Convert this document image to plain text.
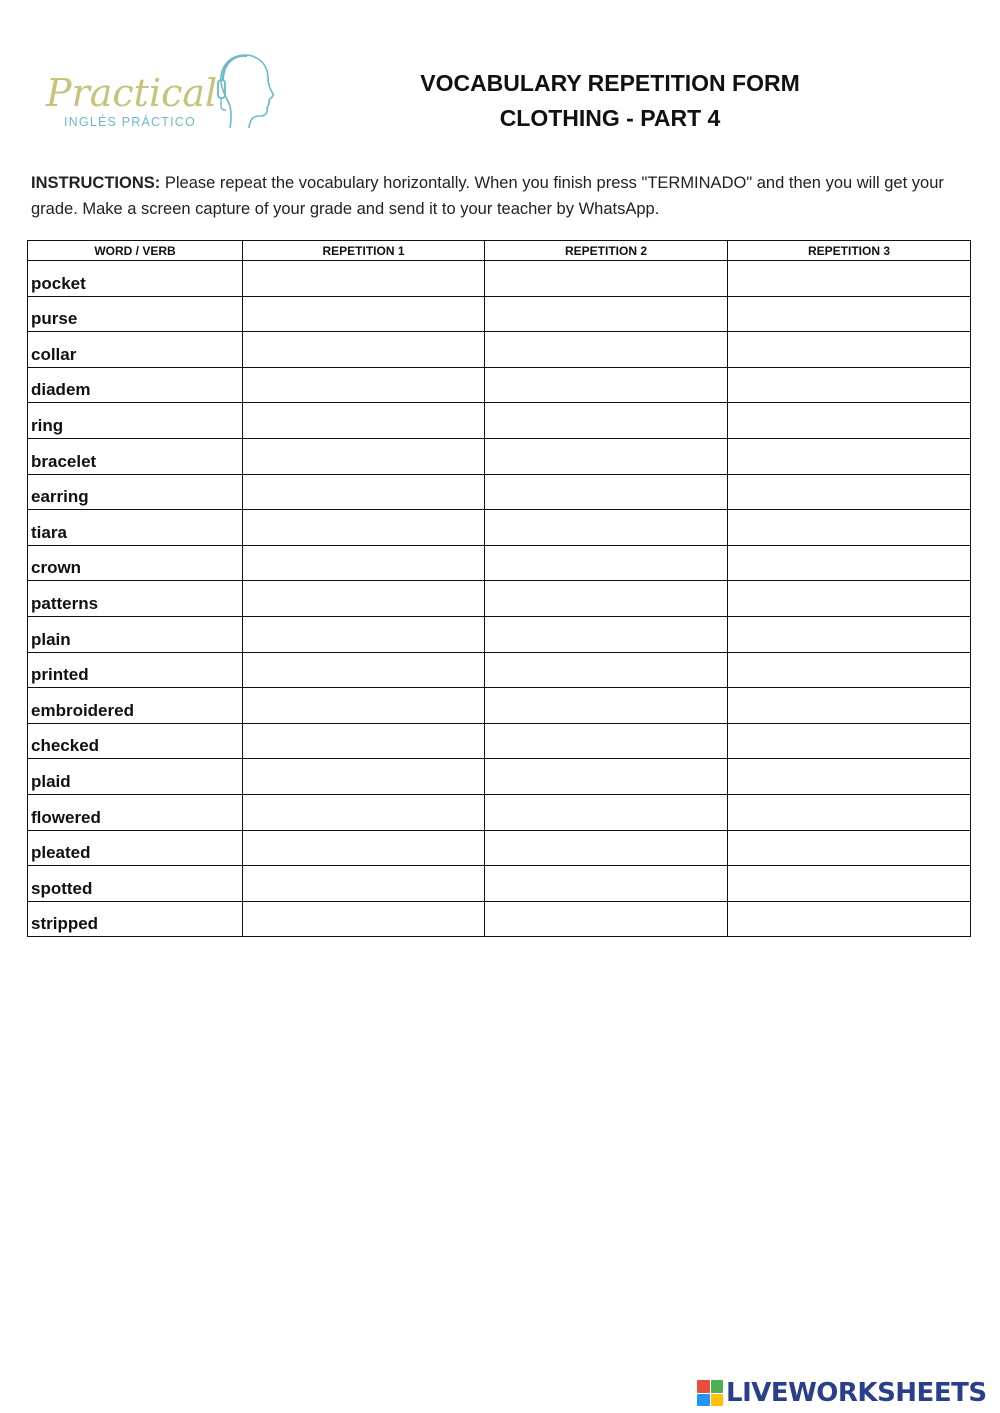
Practical
INGLÉS PRÁCTICO
VOCABULARY REPETITION FORM
CLOTHING - PART 4
INSTRUCTIONS: Please repeat the vocabulary horizontally. When you finish press "TERMINADO" and then you will get your grade. Make a screen capture of your grade and send it to your teacher by WhatsApp.
WORD / VERB	REPETITION 1	REPETITION 2	REPETITION 3
pocket			
purse			
collar			
diadem			
ring			
bracelet			
earring			
tiara			
crown			
patterns			
plain			
printed			
embroidered			
checked			
plaid			
flowered			
pleated			
spotted			
stripped			
LIVEWORKSHEETS
